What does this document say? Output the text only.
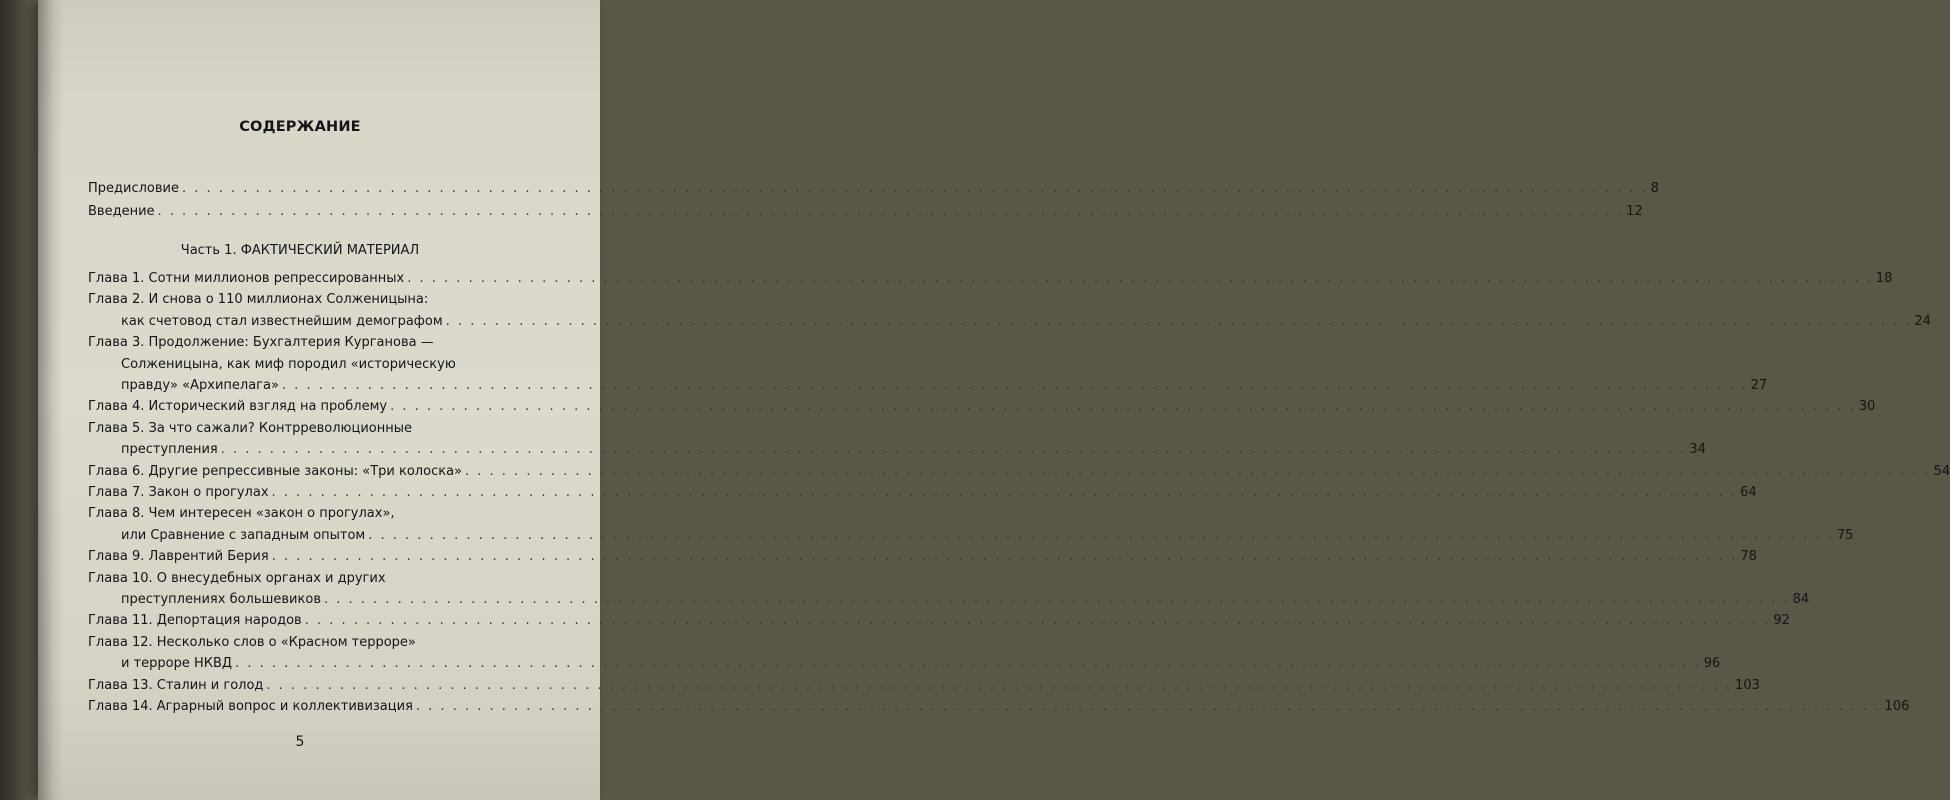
СОДЕРЖАНИЕ
Часть 1. ФАКТИЧЕСКИЙ МАТЕРИАЛ
Предисловие . . . . . . . . . . . . . . . . . . . . . . . . . . . . . . . . . . . . . . . . . . . . . . . . . . . . . . . . . . . . . . . . . . . . . . . . . . . . . . . . . . . . . . . . . . . . . . . . . . . . . . . . . . . . . . . . . . . . . . . . 8
Введение . . . . . . . . . . . . . . . . . . . . . . . . . . . . . . . . . . . . . . . . . . . . . . . . . . . . . . . . . . . . . . . . . . . . . . . . . . . . . . . . . . . . . . . . . . . . . . . . . . . . . . . . . . . . . . . . . . . . . . . . 12
Глава 1. Сотни миллионов репрессированных . . . . . . . . . . . . . . . . . . . . . . . . . . . . . . . . . . . . . . . . . . . . . . . . . . . . . . . . . . . . . . . . . . . . . . . . . . . . . . . . . . . . . . . . . . . . . . . . . . . . . . . . . . . . . . . . . . . . . . . . 18
Глава 2. И снова о 110 миллионах Солженицына:
как счетовод стал известнейшим демографом . . . . . . . . . . . . . . . . . . . . . . . . . . . . . . . . . . . . . . . . . . . . . . . . . . . . . . . . . . . . . . . . . . . . . . . . . . . . . . . . . . . . . . . . . . . . . . . . . . . . . . . . . . . . . . . . . . . . . . . . 24
Глава 3. Продолжение: Бухгалтерия Курганова —
Солженицына, как миф породил «историческую
правду» «Архипелага» . . . . . . . . . . . . . . . . . . . . . . . . . . . . . . . . . . . . . . . . . . . . . . . . . . . . . . . . . . . . . . . . . . . . . . . . . . . . . . . . . . . . . . . . . . . . . . . . . . . . . . . . . . . . . . . . . . . . . . . . 27
Глава 4. Исторический взгляд на проблему . . . . . . . . . . . . . . . . . . . . . . . . . . . . . . . . . . . . . . . . . . . . . . . . . . . . . . . . . . . . . . . . . . . . . . . . . . . . . . . . . . . . . . . . . . . . . . . . . . . . . . . . . . . . . . . . . . . . . . . . 30
Глава 5. За что сажали? Контрреволюционные
преступления . . . . . . . . . . . . . . . . . . . . . . . . . . . . . . . . . . . . . . . . . . . . . . . . . . . . . . . . . . . . . . . . . . . . . . . . . . . . . . . . . . . . . . . . . . . . . . . . . . . . . . . . . . . . . . . . . . . . . . . . 34
Глава 6. Другие репрессивные законы: «Три колоска» . . . . . . . . . . . . . . . . . . . . . . . . . . . . . . . . . . . . . . . . . . . . . . . . . . . . . . . . . . . . . . . . . . . . . . . . . . . . . . . . . . . . . . . . . . . . . . . . . . . . . . . . . . . . . . . . . . . . . . . . 54
Глава 7. Закон о прогулах . . . . . . . . . . . . . . . . . . . . . . . . . . . . . . . . . . . . . . . . . . . . . . . . . . . . . . . . . . . . . . . . . . . . . . . . . . . . . . . . . . . . . . . . . . . . . . . . . . . . . . . . . . . . . . . . . . . . . . . . 64
Глава 8. Чем интересен «закон о прогулах»,
или Сравнение с западным опытом . . . . . . . . . . . . . . . . . . . . . . . . . . . . . . . . . . . . . . . . . . . . . . . . . . . . . . . . . . . . . . . . . . . . . . . . . . . . . . . . . . . . . . . . . . . . . . . . . . . . . . . . . . . . . . . . . . . . . . . . 75
Глава 9. Лаврентий Берия . . . . . . . . . . . . . . . . . . . . . . . . . . . . . . . . . . . . . . . . . . . . . . . . . . . . . . . . . . . . . . . . . . . . . . . . . . . . . . . . . . . . . . . . . . . . . . . . . . . . . . . . . . . . . . . . . . . . . . . . 78
Глава 10. О внесудебных органах и других
преступлениях большевиков . . . . . . . . . . . . . . . . . . . . . . . . . . . . . . . . . . . . . . . . . . . . . . . . . . . . . . . . . . . . . . . . . . . . . . . . . . . . . . . . . . . . . . . . . . . . . . . . . . . . . . . . . . . . . . . . . . . . . . . . 84
Глава 11. Депортация народов . . . . . . . . . . . . . . . . . . . . . . . . . . . . . . . . . . . . . . . . . . . . . . . . . . . . . . . . . . . . . . . . . . . . . . . . . . . . . . . . . . . . . . . . . . . . . . . . . . . . . . . . . . . . . . . . . . . . . . . . 92
Глава 12. Несколько слов о «Красном терроре»
и терроре НКВД . . . . . . . . . . . . . . . . . . . . . . . . . . . . . . . . . . . . . . . . . . . . . . . . . . . . . . . . . . . . . . . . . . . . . . . . . . . . . . . . . . . . . . . . . . . . . . . . . . . . . . . . . . . . . . . . . . . . . . . . 96
Глава 13. Сталин и голод . . . . . . . . . . . . . . . . . . . . . . . . . . . . . . . . . . . . . . . . . . . . . . . . . . . . . . . . . . . . . . . . . . . . . . . . . . . . . . . . . . . . . . . . . . . . . . . . . . . . . . . . . . . . . . . . . . . . . . . . 103
Глава 14. Аграрный вопрос и коллективизация . . . . . . . . . . . . . . . . . . . . . . . . . . . . . . . . . . . . . . . . . . . . . . . . . . . . . . . . . . . . . . . . . . . . . . . . . . . . . . . . . . . . . . . . . . . . . . . . . . . . . . . . . . . . . . . . . . . . . . . . 106
5
